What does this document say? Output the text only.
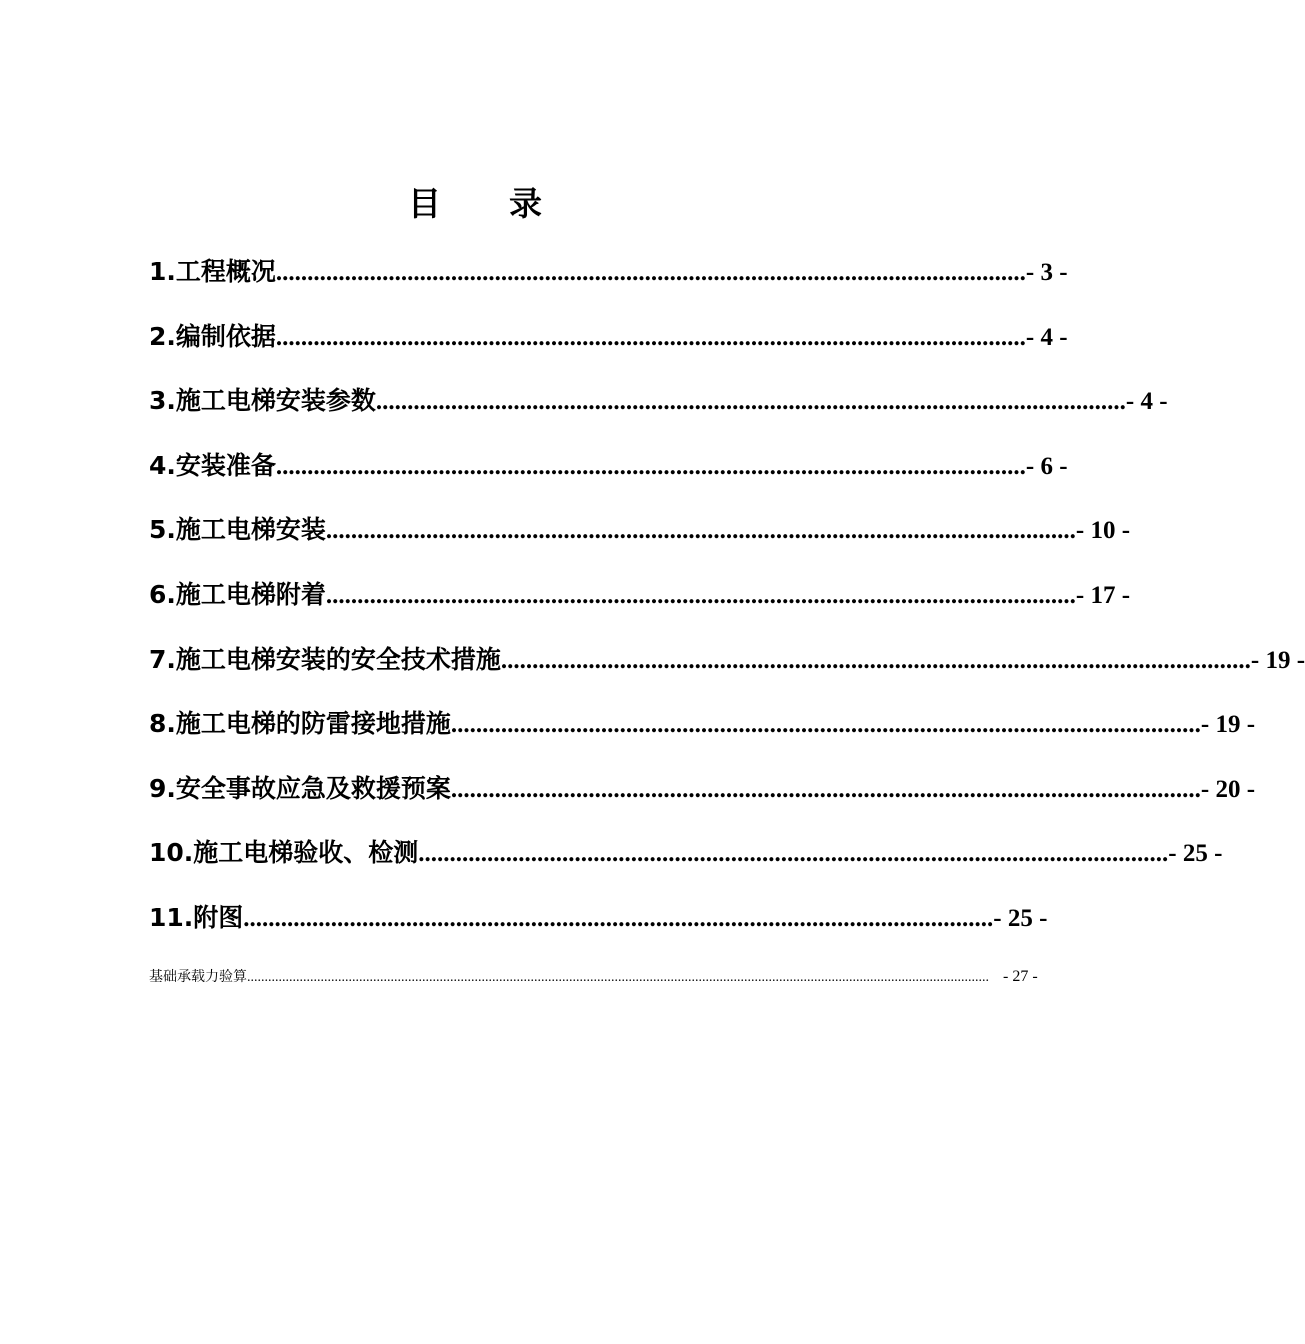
目录
1.工程概况 ........................................................................................................................ - 3 -
2.编制依据 ........................................................................................................................ - 4 -
3.施工电梯安装参数 ........................................................................................................................ - 4 -
4.安装准备 ........................................................................................................................ - 6 -
5.施工电梯安装 ........................................................................................................................ - 10 -
6.施工电梯附着 ........................................................................................................................ - 17 -
7.施工电梯安装的安全技术措施 ........................................................................................................................ - 19 -
8.施工电梯的防雷接地措施 ........................................................................................................................ - 19 -
9.安全事故应急及救援预案 ........................................................................................................................ - 20 -
10.施工电梯验收、检测 ........................................................................................................................ - 25 -
11.附图 ........................................................................................................................ - 25 -
基础承载力验算 .................................................................................................................................................................................................................... - 27 -
